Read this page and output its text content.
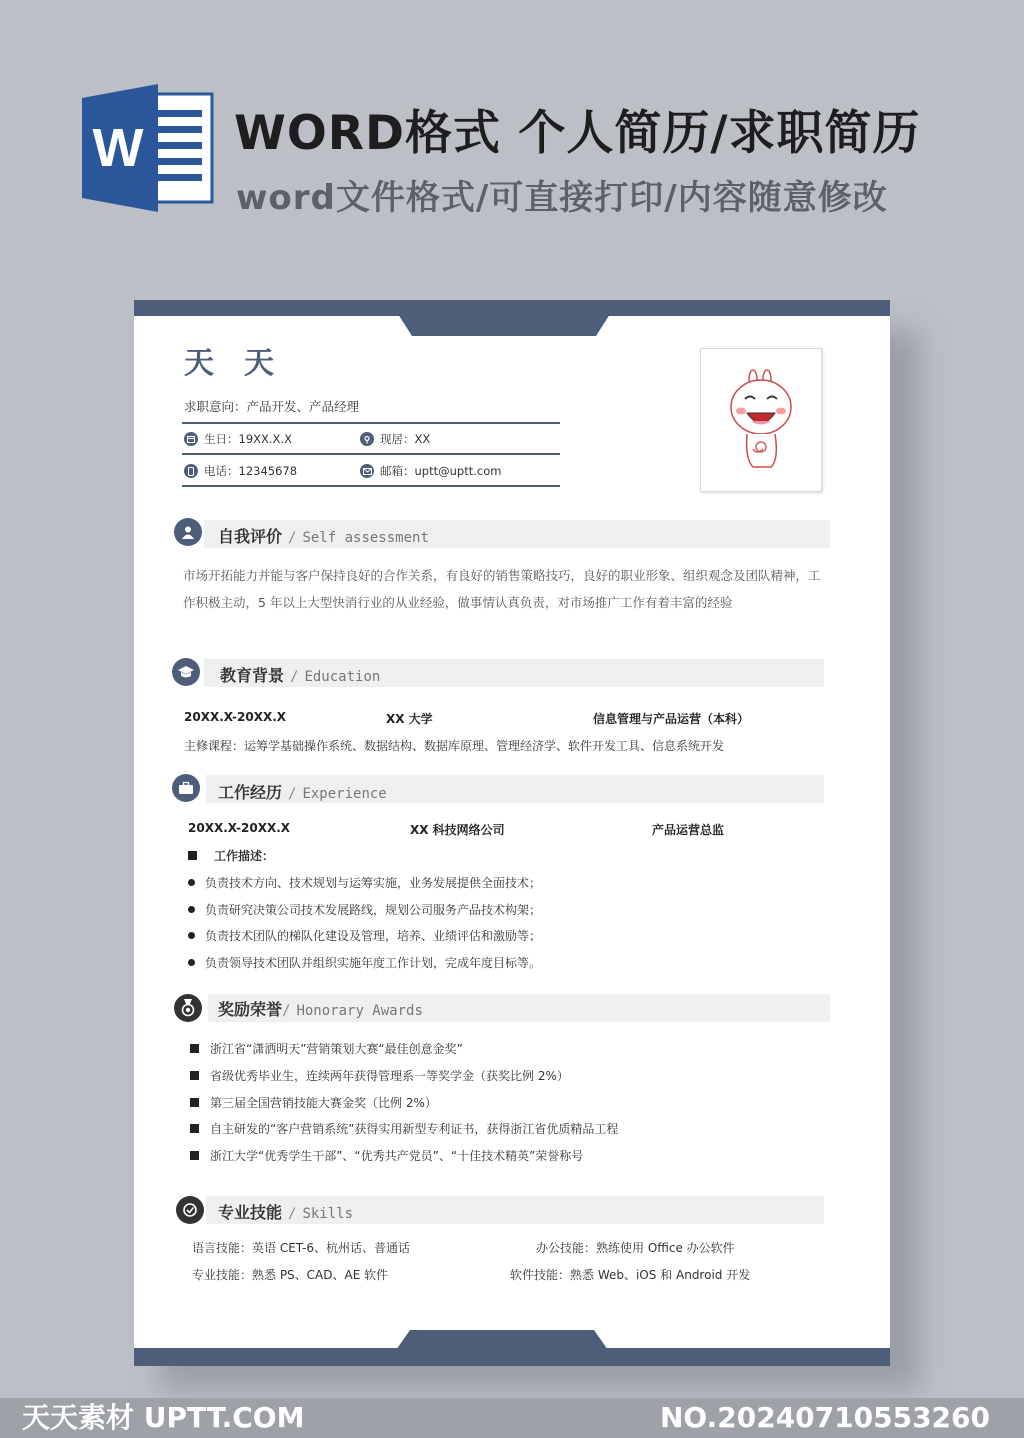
W WORD格式 个人简历/求职简历
word文件格式/可直接打印/内容随意修改
天天
求职意向：产品开发、产品经理
生日：19XX.X.X	现居：XX
电话：12345678	邮箱：uptt@uptt.com
自我评价 / Self assessment
市场开拓能力并能与客户保持良好的合作关系，有良好的销售策略技巧，良好的职业形象、组织观念及团队精神，工作积极主动，5 年以上大型快消行业的从业经验，做事情认真负责，对市场推广工作有着丰富的经验
教育背景 / Education
20XX.X-20XX.X	XX 大学	信息管理与产品运营（本科）
主修课程：运筹学基础操作系统、数据结构、数据库原理、管理经济学、软件开发工具、信息系统开发
工作经历 / Experience
20XX.X-20XX.X	XX 科技网络公司	产品运营总监
工作描述：
负责技术方向、技术规划与运筹实施，业务发展提供全面技术；
负责研究决策公司技术发展路线，规划公司服务产品技术构架；
负责技术团队的梯队化建设及管理，培养、业绩评估和激励等；
负责领导技术团队并组织实施年度工作计划，完成年度目标等。
奖励荣誉/ Honorary Awards
浙江省“潇洒明天”营销策划大赛“最佳创意金奖”
省级优秀毕业生，连续两年获得管理系一等奖学金（获奖比例 2%）
第三届全国营销技能大赛金奖（比例 2%）
自主研发的“客户营销系统”获得实用新型专利证书，获得浙江省优质精品工程
浙江大学“优秀学生干部”、“优秀共产党员”、“十佳技术精英”荣誉称号
专业技能 / Skills
语言技能：英语 CET-6、杭州话、普通话	办公技能：熟练使用 Office 办公软件
专业技能：熟悉 PS、CAD、AE 软件	软件技能：熟悉 Web、iOS 和 Android 开发
天天素材 UPTT.COM	NO.20240710553260
